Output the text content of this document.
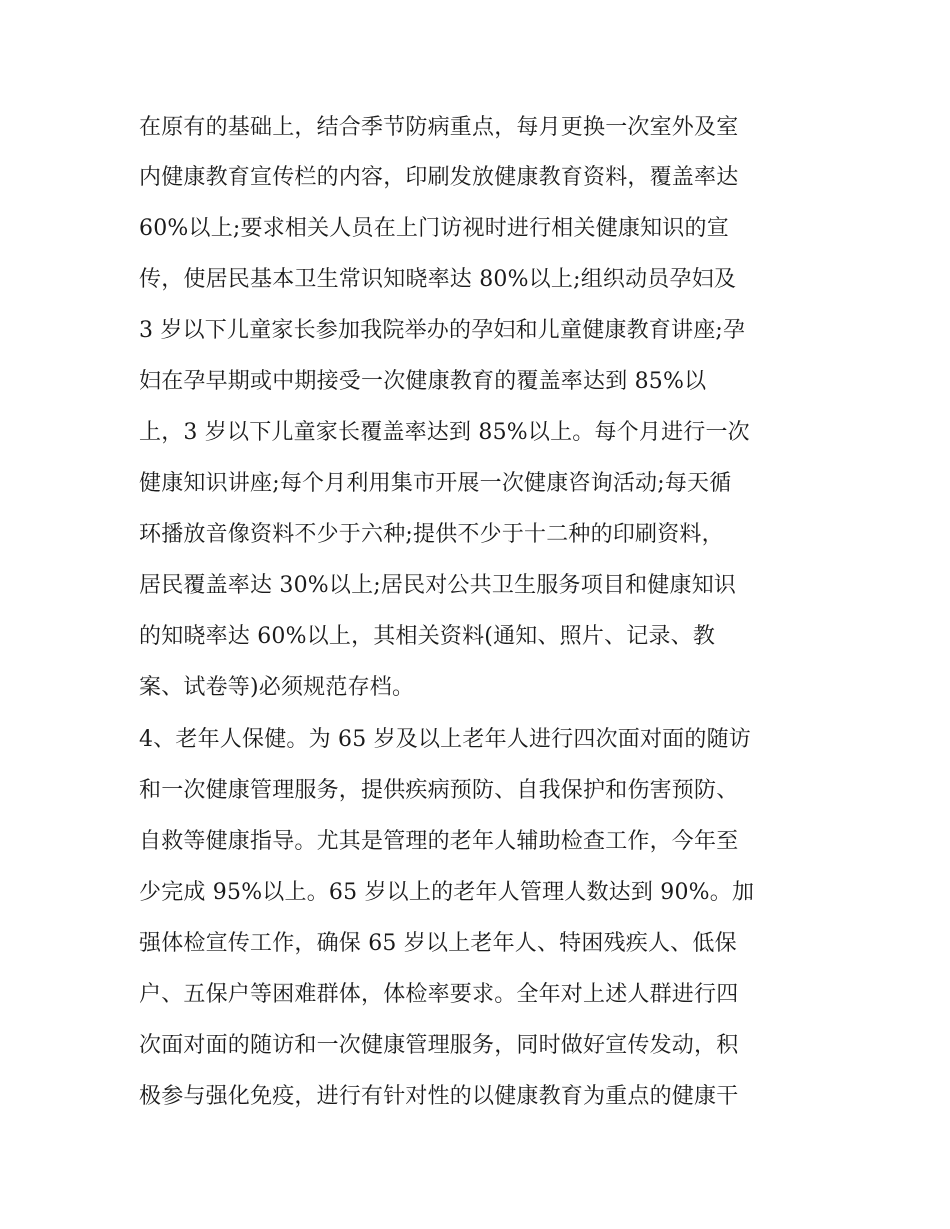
在原有的基础上，结合季节防病重点，每月更换一次室外及室
内健康教育宣传栏的内容，印刷发放健康教育资料，覆盖率达
60%以上;要求相关人员在上门访视时进行相关健康知识的宣
传，使居民基本卫生常识知晓率达 80%以上;组织动员孕妇及
3 岁以下儿童家长参加我院举办的孕妇和儿童健康教育讲座;孕
妇在孕早期或中期接受一次健康教育的覆盖率达到 85%以
上，3 岁以下儿童家长覆盖率达到 85%以上。每个月进行一次
健康知识讲座;每个月利用集市开展一次健康咨询活动;每天循
环播放音像资料不少于六种;提供不少于十二种的印刷资料，
居民覆盖率达 30%以上;居民对公共卫生服务项目和健康知识
的知晓率达 60%以上，其相关资料(通知、照片、记录、教
案、试卷等)必须规范存档。
4、老年人保健。为 65 岁及以上老年人进行四次面对面的随访
和一次健康管理服务，提供疾病预防、自我保护和伤害预防、
自救等健康指导。尤其是管理的老年人辅助检查工作，今年至
少完成 95%以上。65 岁以上的老年人管理人数达到 90%。加
强体检宣传工作，确保 65 岁以上老年人、特困残疾人、低保
户、五保户等困难群体，体检率要求。全年对上述人群进行四
次面对面的随访和一次健康管理服务，同时做好宣传发动，积
极参与强化免疫，进行有针对性的以健康教育为重点的健康干
